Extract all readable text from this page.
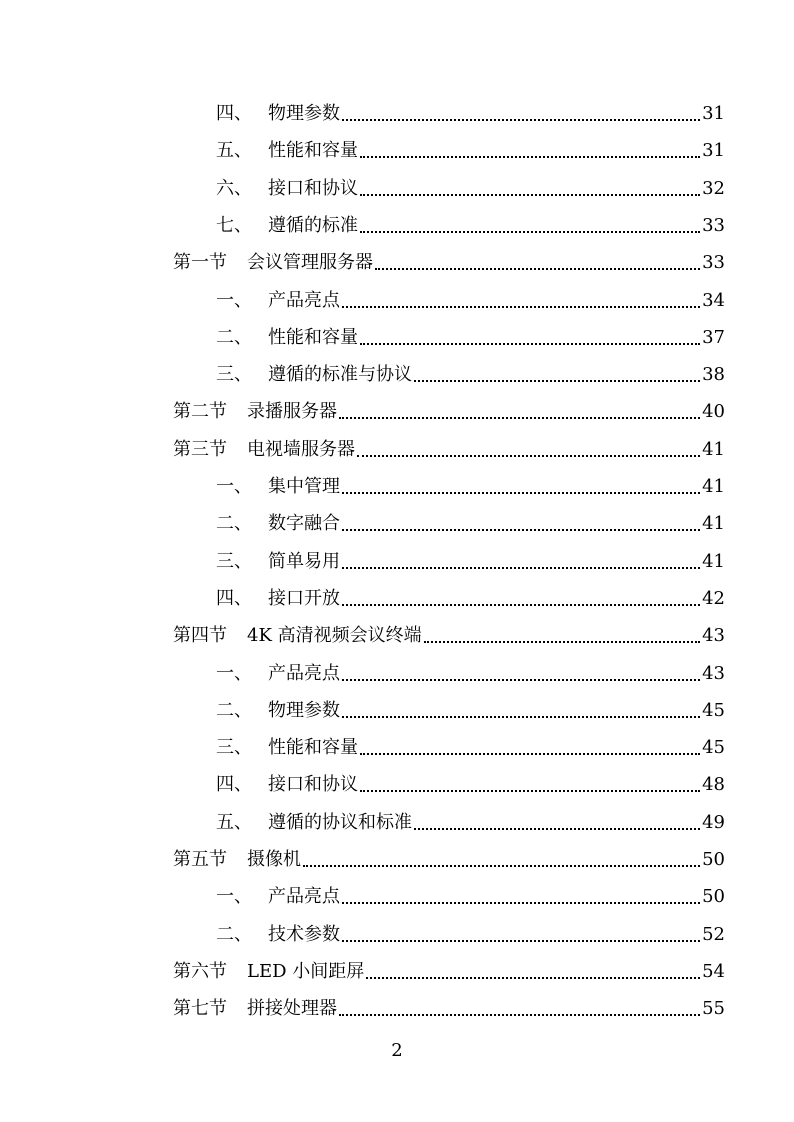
四、 物理参数	31
五、 性能和容量	31
六、 接口和协议	32
七、 遵循的标准	33
第一节	会议管理服务器	33
一、 产品亮点	34
二、 性能和容量	37
三、 遵循的标准与协议	38
第二节	录播服务器	40
第三节	电视墙服务器	41
一、 集中管理	41
二、 数字融合	41
三、 简单易用	41
四、 接口开放	42
第四节	4K 高清视频会议终端	43
一、 产品亮点	43
二、 物理参数	45
三、 性能和容量	45
四、 接口和协议	48
五、 遵循的协议和标准	49
第五节	摄像机	50
一、 产品亮点	50
二、 技术参数	52
第六节	LED 小间距屏	54
第七节	拼接处理器	55
2
